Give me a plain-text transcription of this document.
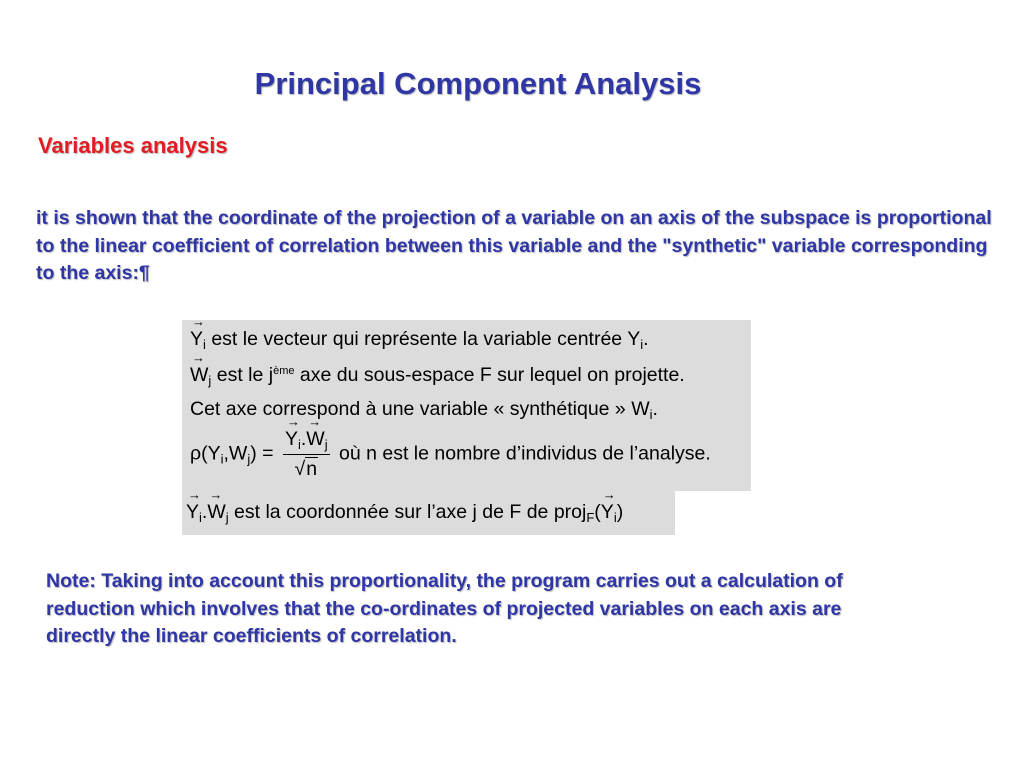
Principal Component Analysis
Variables analysis
it is shown that the coordinate of the projection of a variable on an axis of the subspace is proportional to the linear coefficient of correlation between this variable and the "synthetic" variable corresponding to the axis:¶
→ $Y_i$ est le vecteur qui représente la variable centrée $Y_i$.
→ $W_j$ est le $j^{ème}$ axe du sous-espace F sur lequel on projette.
Cet axe correspond à une variable « synthétique » $W_i$.
$\rho(Y_i,W_j)$ =
→ $\frac{Y_i.\to W_j}{√n}$ où n est le nombre d’individus de l’analyse.
→ $Y_i.\to W_j$ est la coordonnée sur l’axe j de F de proj$_F$(→ $Y_i$)
Note: Taking into account this proportionality, the program carries out a calculation of reduction which involves that the co-ordinates of projected variables on each axis are directly the linear coefficients of correlation.
